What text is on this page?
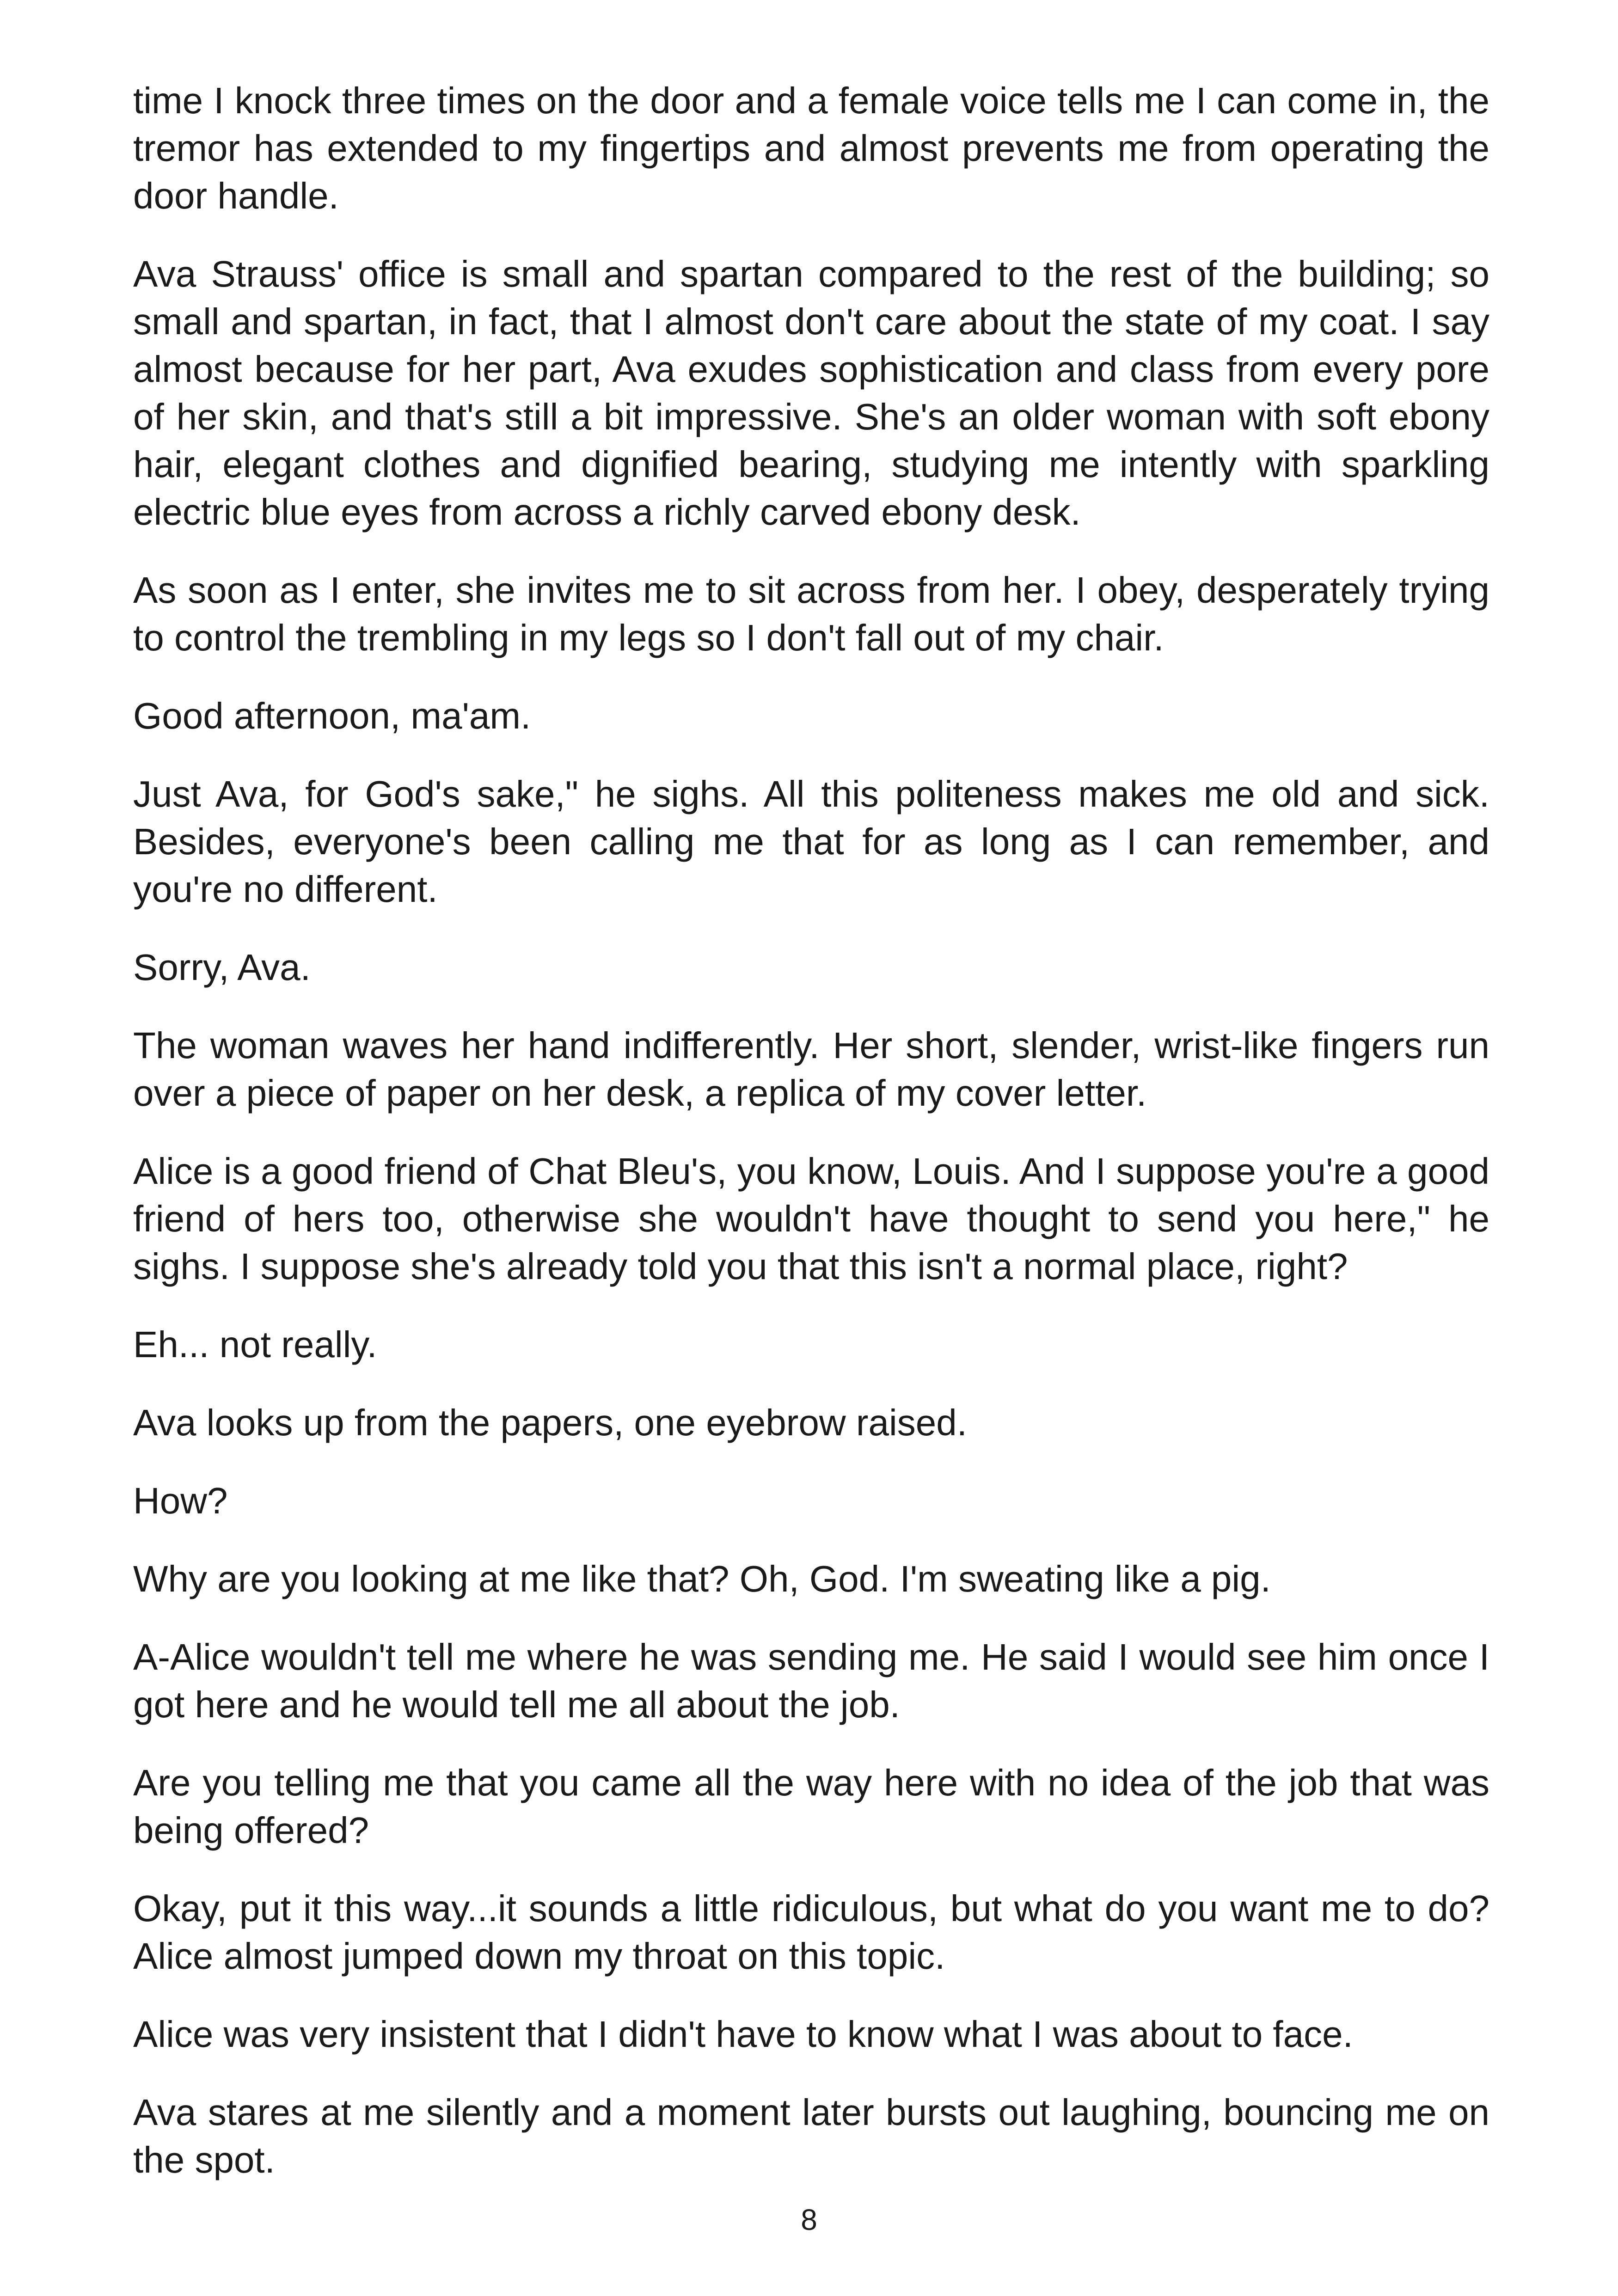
time I knock three times on the door and a female voice tells me I can come in, the tremor has extended to my fingertips and almost prevents me from operating the door handle.

Ava Strauss' office is small and spartan compared to the rest of the building; so small and spartan, in fact, that I almost don't care about the state of my coat. I say almost because for her part, Ava exudes sophistication and class from every pore of her skin, and that's still a bit impressive. She's an older woman with soft ebony hair, elegant clothes and dignified bearing, studying me intently with sparkling electric blue eyes from across a richly carved ebony desk.

As soon as I enter, she invites me to sit across from her. I obey, desperately trying to control the trembling in my legs so I don't fall out of my chair.

Good afternoon, ma'am.

Just Ava, for God's sake," he sighs. All this politeness makes me old and sick. Besides, everyone's been calling me that for as long as I can remember, and you're no different.

Sorry, Ava.

The woman waves her hand indifferently. Her short, slender, wrist-like fingers run over a piece of paper on her desk, a replica of my cover letter.

Alice is a good friend of Chat Bleu's, you know, Louis. And I suppose you're a good friend of hers too, otherwise she wouldn't have thought to send you here," he sighs. I suppose she's already told you that this isn't a normal place, right?

Eh... not really.

Ava looks up from the papers, one eyebrow raised.

How?

Why are you looking at me like that? Oh, God. I'm sweating like a pig.

A-Alice wouldn't tell me where he was sending me. He said I would see him once I got here and he would tell me all about the job.

Are you telling me that you came all the way here with no idea of the job that was being offered?

Okay, put it this way...it sounds a little ridiculous, but what do you want me to do? Alice almost jumped down my throat on this topic.

Alice was very insistent that I didn't have to know what I was about to face.

Ava stares at me silently and a moment later bursts out laughing, bouncing me on the spot.

8
